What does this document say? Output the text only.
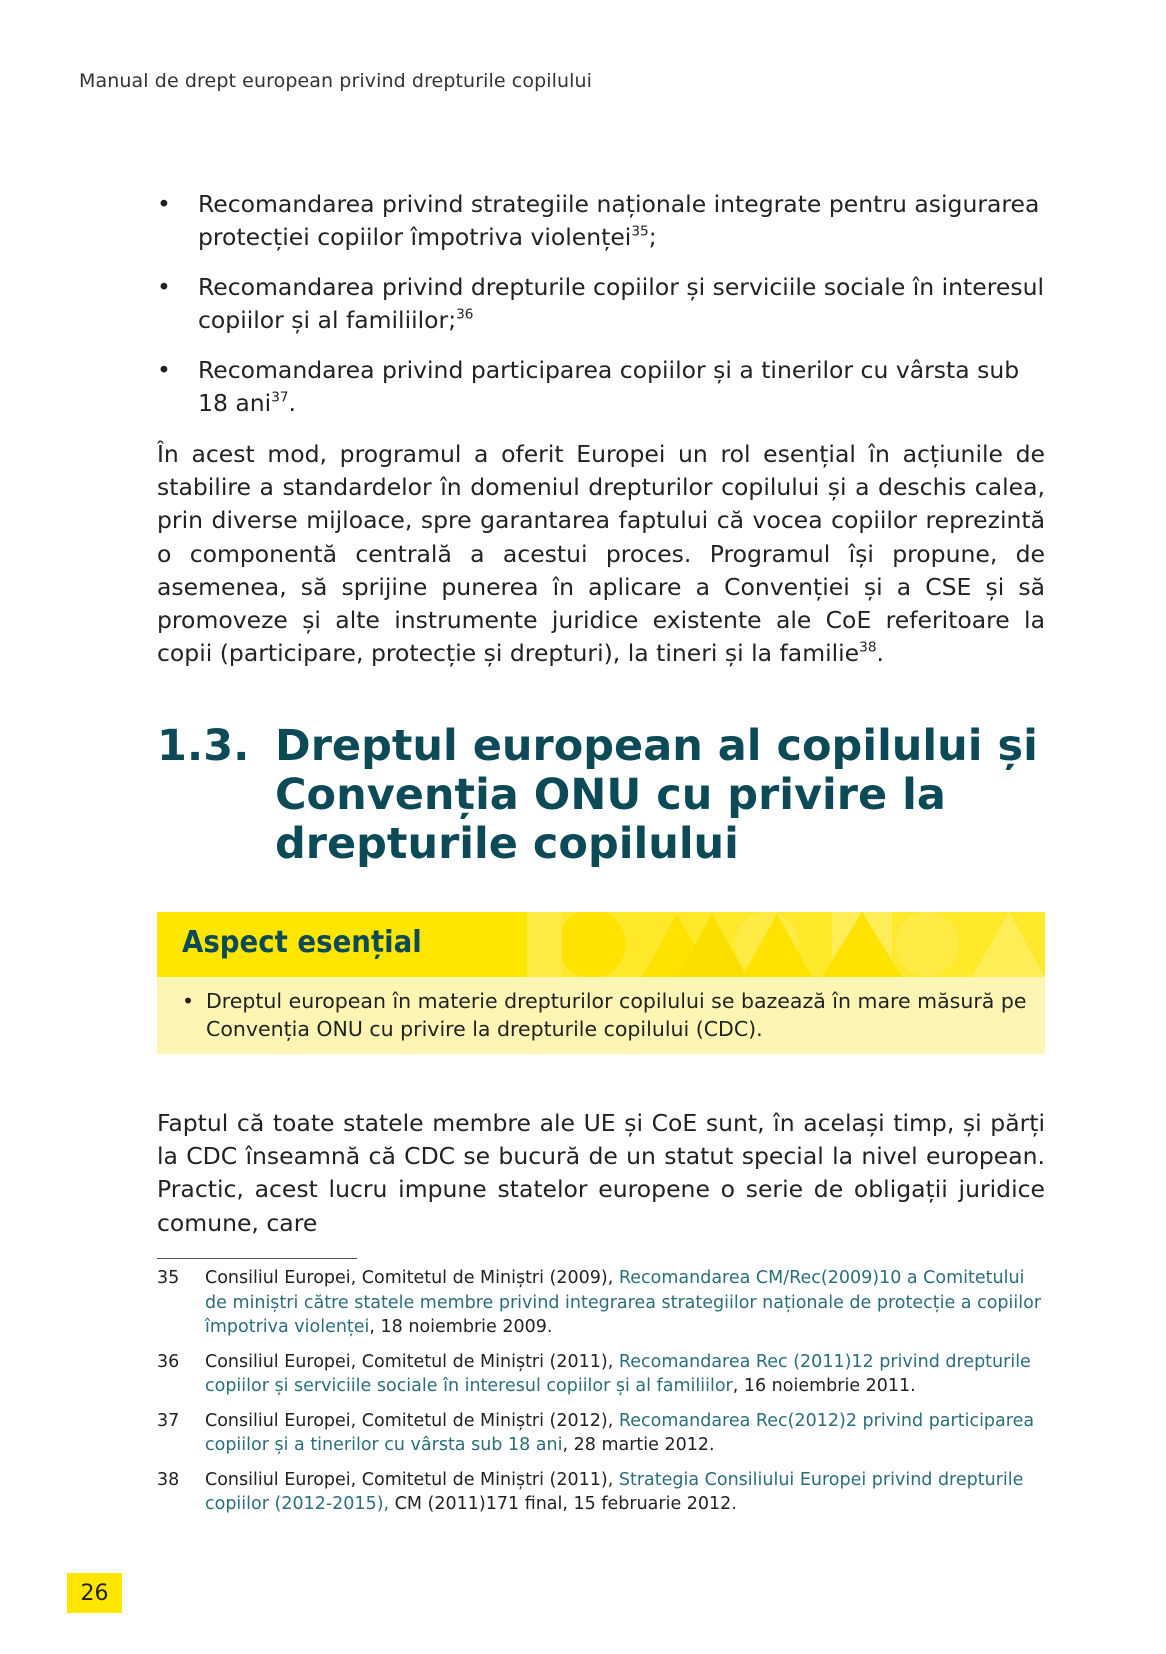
Manual de drept european privind drepturile copilului
• Recomandarea privind strategiile naționale integrate pentru asigurarea protecției copiilor împotriva violenței$^{35}$;
• Recomandarea privind drepturile copiilor și serviciile sociale în interesul copiilor și al familiilor;$^{36}$
• Recomandarea privind participarea copiilor și a tinerilor cu vârsta sub 18 ani$^{37}$.

În acest mod, programul a oferit Europei un rol esențial în acțiunile de stabilire a standardelor în domeniul drepturilor copilului și a deschis calea, prin diverse mijloace, spre garantarea faptului că vocea copiilor reprezintă o componentă centrală a acestui proces. Programul își propune, de asemenea, să sprijine punerea în aplicare a Convenției și a CSE și să promoveze și alte instrumente juridice existente ale CoE referitoare la copii (participare, protecție și drepturi), la tineri și la familie$^{38}$.

1.3. Dreptul european al copilului și Convenția ONU cu privire la drepturile copilului
Aspect esențial
• Dreptul european în materie drepturilor copilului se bazează în mare măsură pe Convenția ONU cu privire la drepturile copilului (CDC).

Faptul că toate statele membre ale UE și CoE sunt, în același timp, și părți la CDC înseamnă că CDC se bucură de un statut special la nivel european. Practic, acest lucru impune statelor europene o serie de obligații juridice comune, care

35 Consiliul Europei, Comitetul de Miniștri (2009), Recomandarea CM/Rec(2009)10 a Comitetului de miniștri către statele membre privind integrarea strategiilor naționale de protecție a copiilor împotriva violenței, 18 noiembrie 2009.
36 Consiliul Europei, Comitetul de Miniștri (2011), Recomandarea Rec (2011)12 privind drepturile copiilor și serviciile sociale în interesul copiilor și al familiilor, 16 noiembrie 2011.
37 Consiliul Europei, Comitetul de Miniștri (2012), Recomandarea Rec(2012)2 privind participarea copiilor și a tinerilor cu vârsta sub 18 ani, 28 martie 2012.
38 Consiliul Europei, Comitetul de Miniștri (2011), Strategia Consiliului Europei privind drepturile copiilor (2012-2015), CM (2011)171 final, 15 februarie 2012.
26
